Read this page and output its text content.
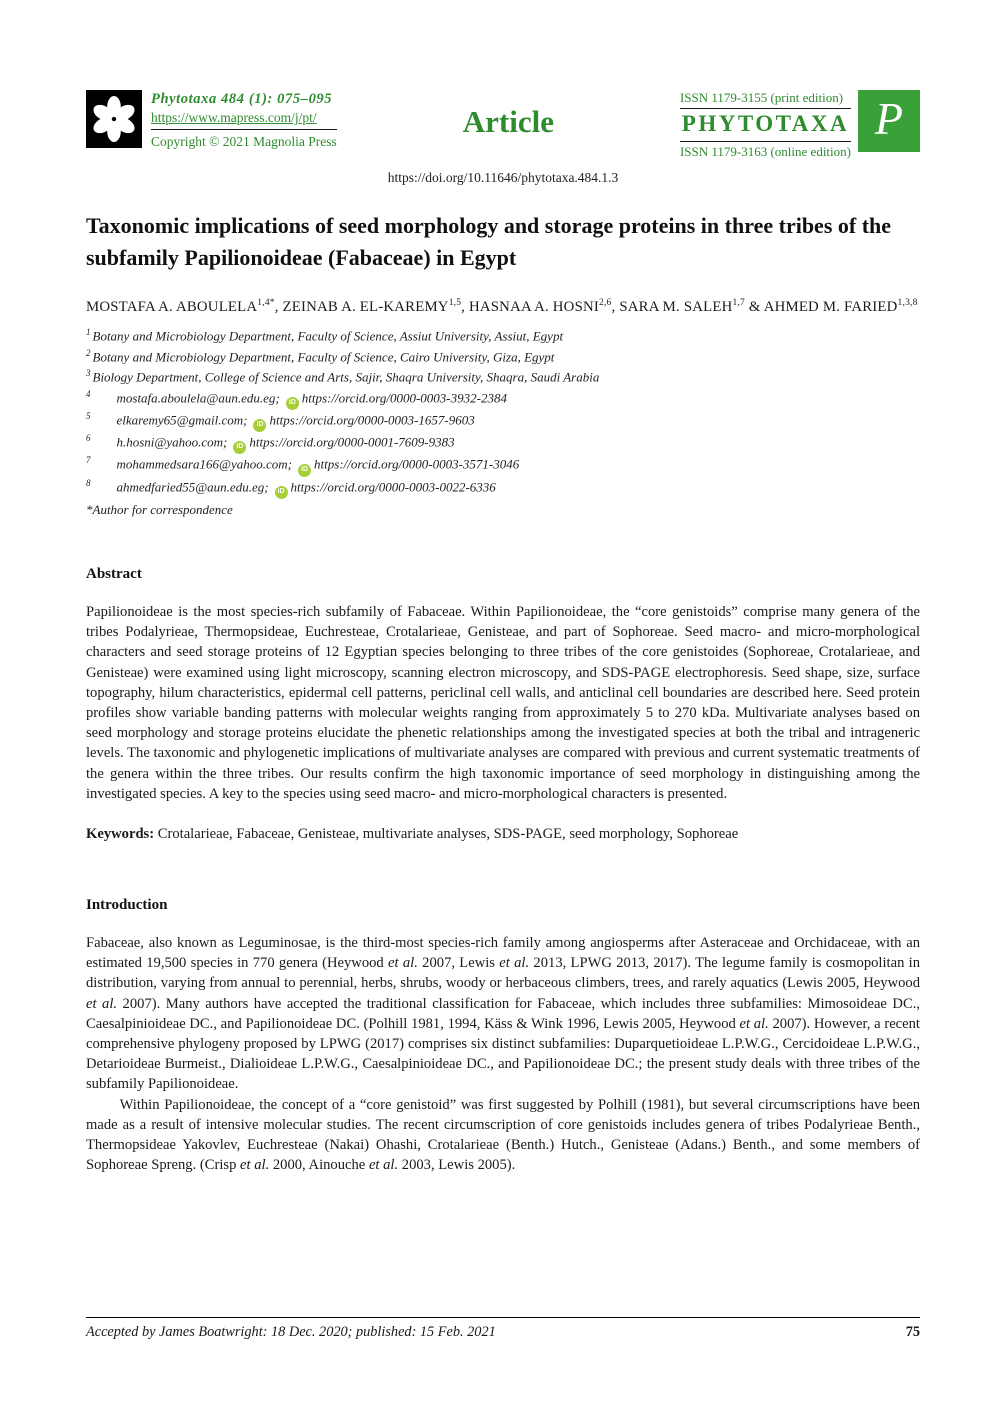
Phytotaxa 484 (1): 075–095
https://www.mapress.com/j/pt/
Copyright © 2021 Magnolia Press
Article
ISSN 1179-3155 (print edition)
PHYTOTAXA
ISSN 1179-3163 (online edition)
P
https://doi.org/10.11646/phytotaxa.484.1.3
Taxonomic implications of seed morphology and storage proteins in three tribes of the subfamily Papilionoideae (Fabaceae) in Egypt
MOSTAFA A. $ABOULELA^{1,4*}$, ZEINAB A. EL-KAREMY$^{1,5}$, HASNAA A. HOSNI$^{2,6}$, SARA M. SALEH$^{1,7}$ & AHMED M. FARIED$^{1,3,8}$
$^1$ Botany and Microbiology Department, Faculty of Science, Assiut University, Assiut, Egypt
$^2$ Botany and Microbiology Department, Faculty of Science, Cairo University, Giza, Egypt
$^3$ Biology Department, College of Science and Arts, Sajir, Shaqra University, Shaqra, Saudi Arabia
$^4$ mostafa.aboulela@aun.edu.eg; iD https://orcid.org/0000-0003-3932-2384
$^5$ elkaremy65@gmail.com; iD https://orcid.org/0000-0003-1657-9603
$^6$ h.hosni@yahoo.com; iD https://orcid.org/0000-0001-7609-9383
$^7$ mohammedsara166@yahoo.com; iD https://orcid.org/0000-0003-3571-3046
$^8$ ahmedfaried55@aun.edu.eg; iD https://orcid.org/0000-0003-0022-6336
*Author for correspondence
Abstract

Papilionoideae is the most species-rich subfamily of Fabaceae. Within Papilionoideae, the “core genistoids” comprise many genera of the tribes Podalyrieae, Thermopsideae, Euchresteae, Crotalarieae, Genisteae, and part of Sophoreae. Seed macro- and micro-morphological characters and seed storage proteins of 12 Egyptian species belonging to three tribes of the core genistoides (Sophoreae, Crotalarieae, and Genisteae) were examined using light microscopy, scanning electron microscopy, and SDS-PAGE electrophoresis. Seed shape, size, surface topography, hilum characteristics, epidermal cell patterns, periclinal cell walls, and anticlinal cell boundaries are described here. Seed protein profiles show variable banding patterns with molecular weights ranging from approximately 5 to 270 kDa. Multivariate analyses based on seed morphology and storage proteins elucidate the phenetic relationships among the investigated species at both the tribal and intrageneric levels. The taxonomic and phylogenetic implications of multivariate analyses are compared with previous and current systematic treatments of the genera within the three tribes. Our results confirm the high taxonomic importance of seed morphology in distinguishing among the investigated species. A key to the species using seed macro- and micro-morphological characters is presented.

Keywords: Crotalarieae, Fabaceae, Genisteae, multivariate analyses, SDS-PAGE, seed morphology, Sophoreae
Introduction

Fabaceae, also known as Leguminosae, is the third-most species-rich family among angiosperms after Asteraceae and Orchidaceae, with an estimated 19,500 species in 770 genera (Heywood et al. 2007, Lewis et al. 2013, LPWG 2013, 2017). The legume family is cosmopolitan in distribution, varying from annual to perennial, herbs, shrubs, woody or herbaceous climbers, trees, and rarely aquatics (Lewis 2005, Heywood et al. 2007). Many authors have accepted the traditional classification for Fabaceae, which includes three subfamilies: Mimosoideae DC., Caesalpinioideae DC., and Papilionoideae DC. (Polhill 1981, 1994, Käss & Wink 1996, Lewis 2005, Heywood et al. 2007). However, a recent comprehensive phylogeny proposed by LPWG (2017) comprises six distinct subfamilies: Duparquetioideae L.P.W.G., Cercidoideae L.P.W.G., Detarioideae Burmeist., Dialioideae L.P.W.G., Caesalpinioideae DC., and Papilionoideae DC.; the present study deals with three tribes of the subfamily Papilionoideae.

Within Papilionoideae, the concept of a “core genistoid” was first suggested by Polhill (1981), but several circumscriptions have been made as a result of intensive molecular studies. The recent circumscription of core genistoids includes genera of tribes Podalyrieae Benth., Thermopsideae Yakovlev, Euchresteae (Nakai) Ohashi, Crotalarieae (Benth.) Hutch., Genisteae (Adans.) Benth., and some members of Sophoreae Spreng. (Crisp et al. 2000, Ainouche et al. 2003, Lewis 2005).

Accepted by James Boatwright: 18 Dec. 2020; published: 15 Feb. 2021	75
